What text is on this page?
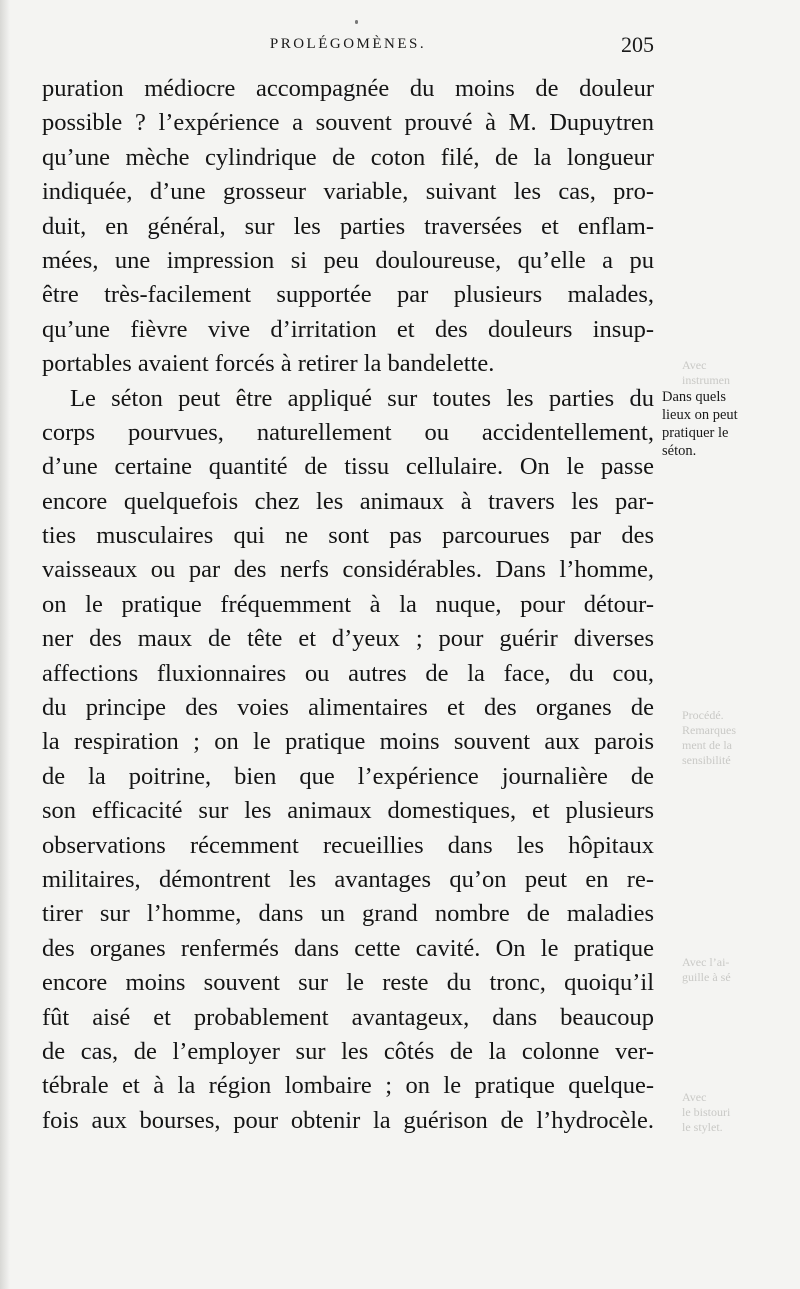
PROLÉGOMÈNES.	205
puration médiocre accompagnée du moins de douleur
possible ? l’expérience a souvent prouvé à M. Dupuytren
qu’une mèche cylindrique de coton filé, de la longueur
indiquée, d’une grosseur variable, suivant les cas, pro-
duit, en général, sur les parties traversées et enflam-
mées, une impression si peu douloureuse, qu’elle a pu
être très-facilement supportée par plusieurs malades,
qu’une fièvre vive d’irritation et des douleurs insup-
portables avaient forcés à retirer la bandelette.
Le séton peut être appliqué sur toutes les parties du
corps pourvues, naturellement ou accidentellement,
d’une certaine quantité de tissu cellulaire. On le passe
encore quelquefois chez les animaux à travers les par-
ties musculaires qui ne sont pas parcourues par des
vaisseaux ou par des nerfs considérables. Dans l’homme,
on le pratique fréquemment à la nuque, pour détour-
ner des maux de tête et d’yeux ; pour guérir diverses
affections fluxionnaires ou autres de la face, du cou,
du principe des voies alimentaires et des organes de
la respiration ; on le pratique moins souvent aux parois
de la poitrine, bien que l’expérience journalière de
son efficacité sur les animaux domestiques, et plusieurs
observations récemment recueillies dans les hôpitaux
militaires, démontrent les avantages qu’on peut en re-
tirer sur l’homme, dans un grand nombre de maladies
des organes renfermés dans cette cavité. On le pratique
encore moins souvent sur le reste du tronc, quoiqu’il
fût aisé et probablement avantageux, dans beaucoup
de cas, de l’employer sur les côtés de la colonne ver-
tébrale et à la région lombaire ; on le pratique quelque-
fois aux bourses, pour obtenir la guérison de l’hydrocèle.
Dans quels
lieux on peut
pratiquer le
séton.
Avec
instrumen
Procédé.
Remarques
ment de la
sensibilité
Avec l’ai-
guille à sé
Avec
le bistouri
le stylet.
